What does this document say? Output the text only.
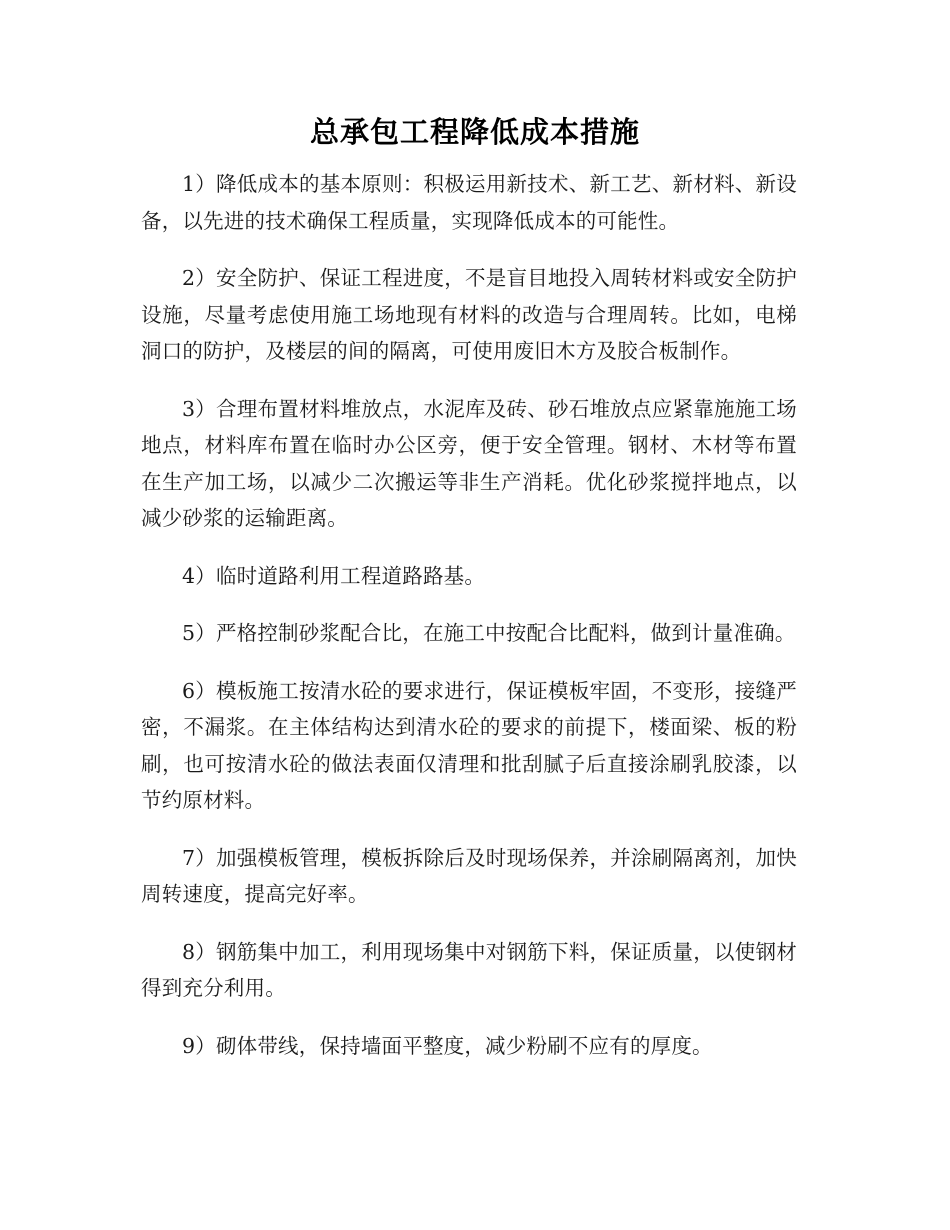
总承包工程降低成本措施

1）降低成本的基本原则：积极运用新技术、新工艺、新材料、新设备，以先进的技术确保工程质量，实现降低成本的可能性。

2）安全防护、保证工程进度，不是盲目地投入周转材料或安全防护设施，尽量考虑使用施工场地现有材料的改造与合理周转。比如，电梯洞口的防护，及楼层的间的隔离，可使用废旧木方及胶合板制作。

3）合理布置材料堆放点，水泥库及砖、砂石堆放点应紧靠施施工场地点，材料库布置在临时办公区旁，便于安全管理。钢材、木材等布置在生产加工场，以减少二次搬运等非生产消耗。优化砂浆搅拌地点，以减少砂浆的运输距离。

4）临时道路利用工程道路路基。

5）严格控制砂浆配合比，在施工中按配合比配料，做到计量准确。

6）模板施工按清水砼的要求进行，保证模板牢固，不变形，接缝严密，不漏浆。在主体结构达到清水砼的要求的前提下，楼面梁、板的粉刷，也可按清水砼的做法表面仅清理和批刮腻子后直接涂刷乳胶漆，以节约原材料。

7）加强模板管理，模板拆除后及时现场保养，并涂刷隔离剂，加快周转速度，提高完好率。

8）钢筋集中加工，利用现场集中对钢筋下料，保证质量，以使钢材得到充分利用。

9）砌体带线，保持墙面平整度，减少粉刷不应有的厚度。
